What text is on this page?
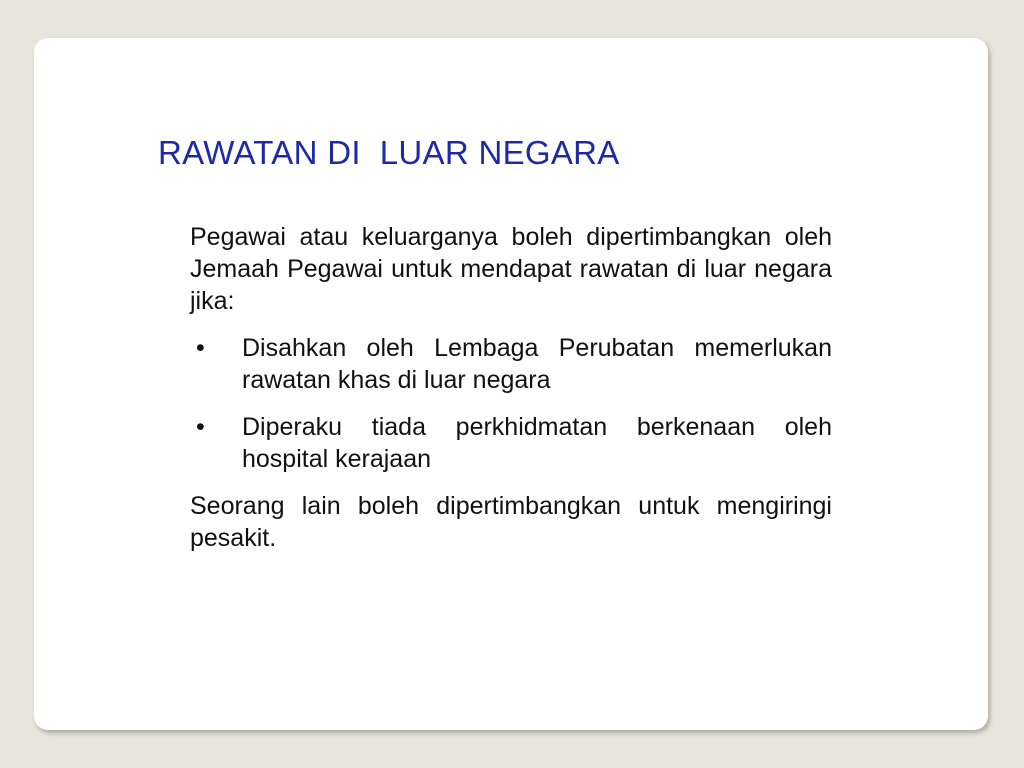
RAWATAN DI  LUAR NEGARA

Pegawai atau keluarganya boleh dipertimbangkan oleh Jemaah Pegawai untuk mendapat rawatan di luar negara jika:

• Disahkan oleh Lembaga Perubatan memerlukan rawatan khas di luar negara
• Diperaku tiada perkhidmatan berkenaan oleh hospital kerajaan

Seorang lain boleh dipertimbangkan untuk mengiringi pesakit.
